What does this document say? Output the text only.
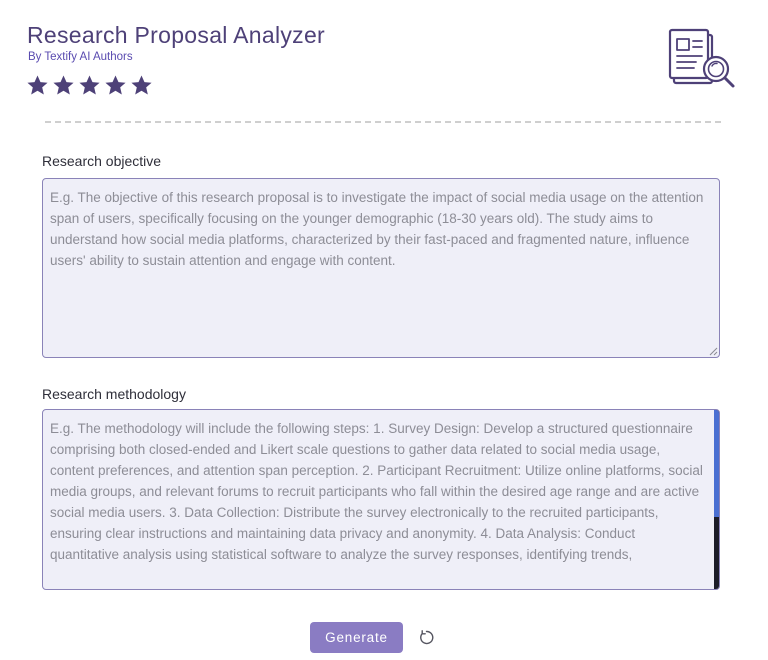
Research Proposal Analyzer
By Textify AI Authors
Research objective
E.g. The objective of this research proposal is to investigate the impact of social media usage on the attention span of users, specifically focusing on the younger demographic (18-30 years old). The study aims to understand how social media platforms, characterized by their fast-paced and fragmented nature, influence users' ability to sustain attention and engage with content.
Research methodology
E.g. The methodology will include the following steps: 1. Survey Design: Develop a structured questionnaire comprising both closed-ended and Likert scale questions to gather data related to social media usage, content preferences, and attention span perception. 2. Participant Recruitment: Utilize online platforms, social media groups, and relevant forums to recruit participants who fall within the desired age range and are active social media users. 3. Data Collection: Distribute the survey electronically to the recruited participants, ensuring clear instructions and maintaining data privacy and anonymity. 4. Data Analysis: Conduct quantitative analysis using statistical software to analyze the survey responses, identifying trends,
Generate
